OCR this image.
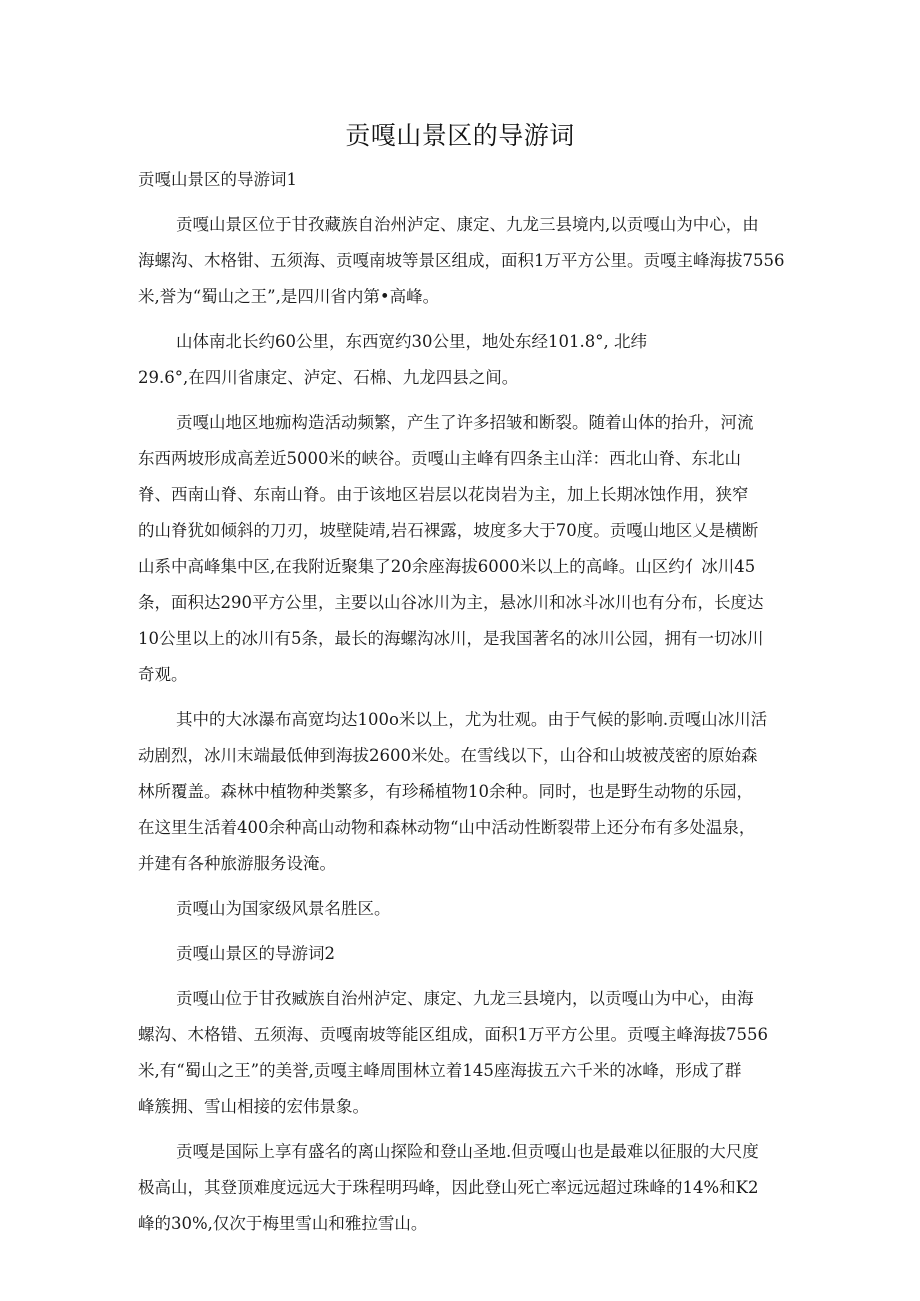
贡嘎山景区的导游词

贡嘎山景区的导游词1

贡嘎山景区位于甘孜藏族自治州泸定、康定、九龙三县境内,以贡嘎山为中心，由
海螺沟、木格钳、五须海、贡嘎南坡等景区组成，面积1万平方公里。贡嘎主峰海拔7556
米,誉为“蜀山之王”,是四川省内第•高峰。

山体南北长约60公里，东西宽约30公里，地处东经101.8°, 北纬
29.6°,在四川省康定、泸定、石棉、九龙四县之间。

贡嘎山地区地痂构造活动频繁，产生了许多招皱和断裂。随着山体的抬升，河流
东西两坡形成高差近5000米的峡谷。贡嘎山主峰有四条主山洋：西北山脊、东北山
脊、西南山脊、东南山脊。由于该地区岩层以花岗岩为主，加上长期冰蚀作用，狭窄
的山脊犹如倾斜的刀刃，坡壁陡靖,岩石裸露，坡度多大于70度。贡嘎山地区乂是横断
山系中高峰集中区,在我附近聚集了20余座海拔6000米以上的高峰。山区约亻冰川45
条，面积达290平方公里，主要以山谷冰川为主，悬冰川和冰斗冰川也有分布，长度达
10公里以上的冰川有5条，最长的海螺沟冰川，是我国著名的冰川公园，拥有一切冰川
奇观。

其中的大冰瀑布高宽均达100o米以上，尤为壮观。由于气候的影响.贡嘎山冰川活
动剧烈，冰川末端最低伸到海拔2600米处。在雪线以下，山谷和山坡被茂密的原始森
林所覆盖。森林中植物种类繁多，有珍稀植物10余种。同时，也是野生动物的乐园，
在这里生活着400余种高山动物和森林动物“山中活动性断裂带上还分布有多处温泉，
并建有各种旅游服务设淹。

贡嘎山为国家级风景名胜区。

贡嘎山景区的导游词2

贡嘎山位于甘孜臧族自治州泸定、康定、九龙三县境内，以贡嘎山为中心，由海
螺沟、木格错、五须海、贡嘎南坡等能区组成，面积1万平方公里。贡嘎主峰海拔7556
米,有“蜀山之王”的美誉,贡嘎主峰周围林立着145座海拔五六千米的冰峰，形成了群
峰簇拥、雪山相接的宏伟景象。

贡嘎是国际上享有盛名的离山探险和登山圣地.但贡嘎山也是最难以征服的大尺度
极高山，其登顶难度远远大于珠程明玛峰，因此登山死亡率远远超过珠峰的14%和K2
峰的30%,仅次于梅里雪山和雅拉雪山。
